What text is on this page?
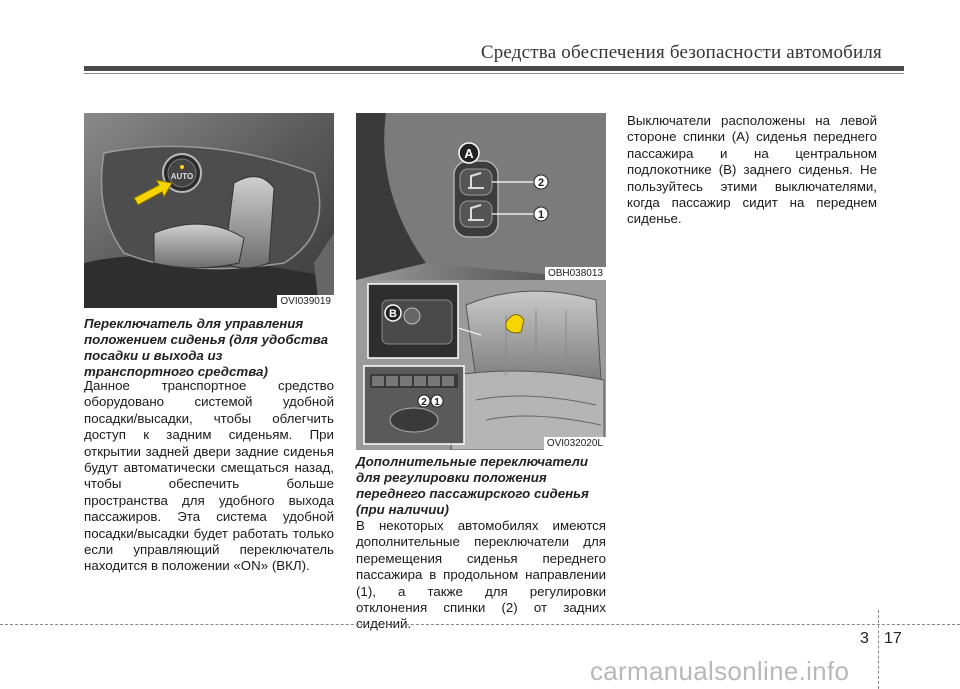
Средства обеспечения безопасности автомобиля
AUTO
OVI039019
Переключатель для управления положением сиденья (для удобства посадки и выхода из транспортного средства)
Данное транспортное средство оборудовано системой удобной посадки/высадки, чтобы облегчить доступ к задним сиденьям. При открытии задней двери задние сиденья будут автоматически смещаться назад, чтобы обеспечить больше пространства для удобного выхода пассажиров. Эта система удобной посадки/высадки будет работать только если управляющий переключатель находится в положении «ON» (ВКЛ).
A
2
1
OBH038013
B
2 1
OVI032020L
Дополнительные переключатели для регулировки положения переднего пассажирского сиденья (при наличии)
В некоторых автомобилях имеются дополнительные переключатели для перемещения сиденья переднего пассажира в продольном направлении (1), а также для регулировки отклонения спинки (2) от задних сидений.
Выключатели расположены на левой стороне спинки (A) сиденья переднего пассажира и на центральном подлокотнике (B) заднего сиденья. Не пользуйтесь этими выключателями, когда пассажир сидит на переднем сиденье.
3 17
carmanualsonline.info
